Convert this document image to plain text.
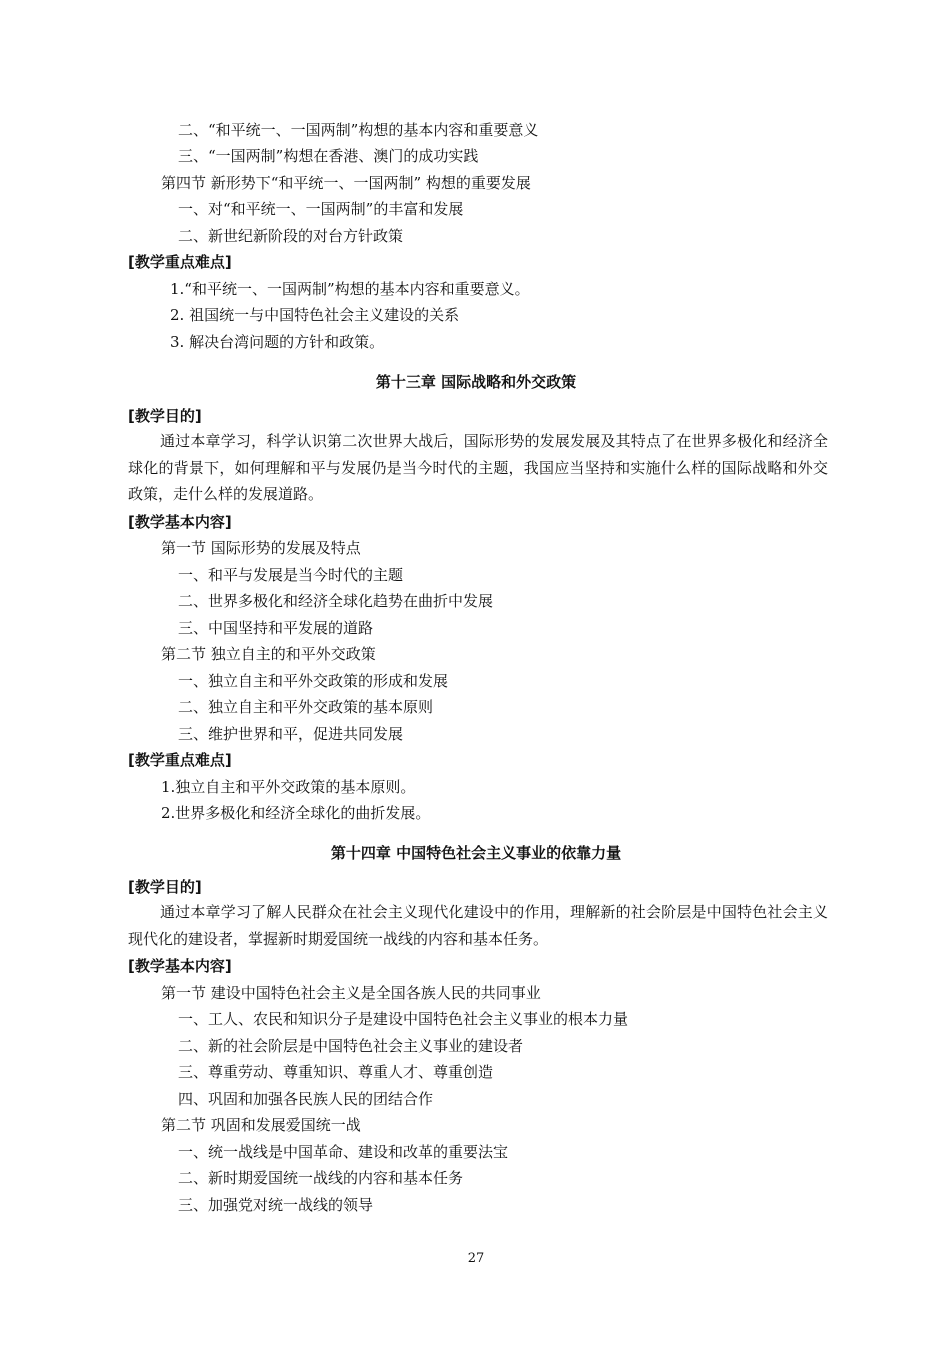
二、“和平统一、一国两制”构想的基本内容和重要意义
三、“一国两制”构想在香港、澳门的成功实践
第四节 新形势下“和平统一、一国两制” 构想的重要发展
一、对“和平统一、一国两制”的丰富和发展
二、新世纪新阶段的对台方针政策
[教学重点难点]
1.“和平统一、一国两制”构想的基本内容和重要意义。
2. 祖国统一与中国特色社会主义建设的关系
3. 解决台湾问题的方针和政策。
第十三章 国际战略和外交政策
[教学目的]
通过本章学习，科学认识第二次世界大战后，国际形势的发展发展及其特点了在世界多极化和经济全球化的背景下，如何理解和平与发展仍是当今时代的主题，我国应当坚持和实施什么样的国际战略和外交政策，走什么样的发展道路。
[教学基本内容]
第一节 国际形势的发展及特点
一、和平与发展是当今时代的主题
二、世界多极化和经济全球化趋势在曲折中发展
三、中国坚持和平发展的道路
第二节 独立自主的和平外交政策
一、独立自主和平外交政策的形成和发展
二、独立自主和平外交政策的基本原则
三、维护世界和平，促进共同发展
[教学重点难点]
1.独立自主和平外交政策的基本原则。
2.世界多极化和经济全球化的曲折发展。
第十四章 中国特色社会主义事业的依靠力量
[教学目的]
通过本章学习了解人民群众在社会主义现代化建设中的作用，理解新的社会阶层是中国特色社会主义现代化的建设者，掌握新时期爱国统一战线的内容和基本任务。
[教学基本内容]
第一节 建设中国特色社会主义是全国各族人民的共同事业
一、工人、农民和知识分子是建设中国特色社会主义事业的根本力量
二、新的社会阶层是中国特色社会主义事业的建设者
三、尊重劳动、尊重知识、尊重人才、尊重创造
四、巩固和加强各民族人民的团结合作
第二节 巩固和发展爱国统一战
一、统一战线是中国革命、建设和改革的重要法宝
二、新时期爱国统一战线的内容和基本任务
三、加强党对统一战线的领导
27
